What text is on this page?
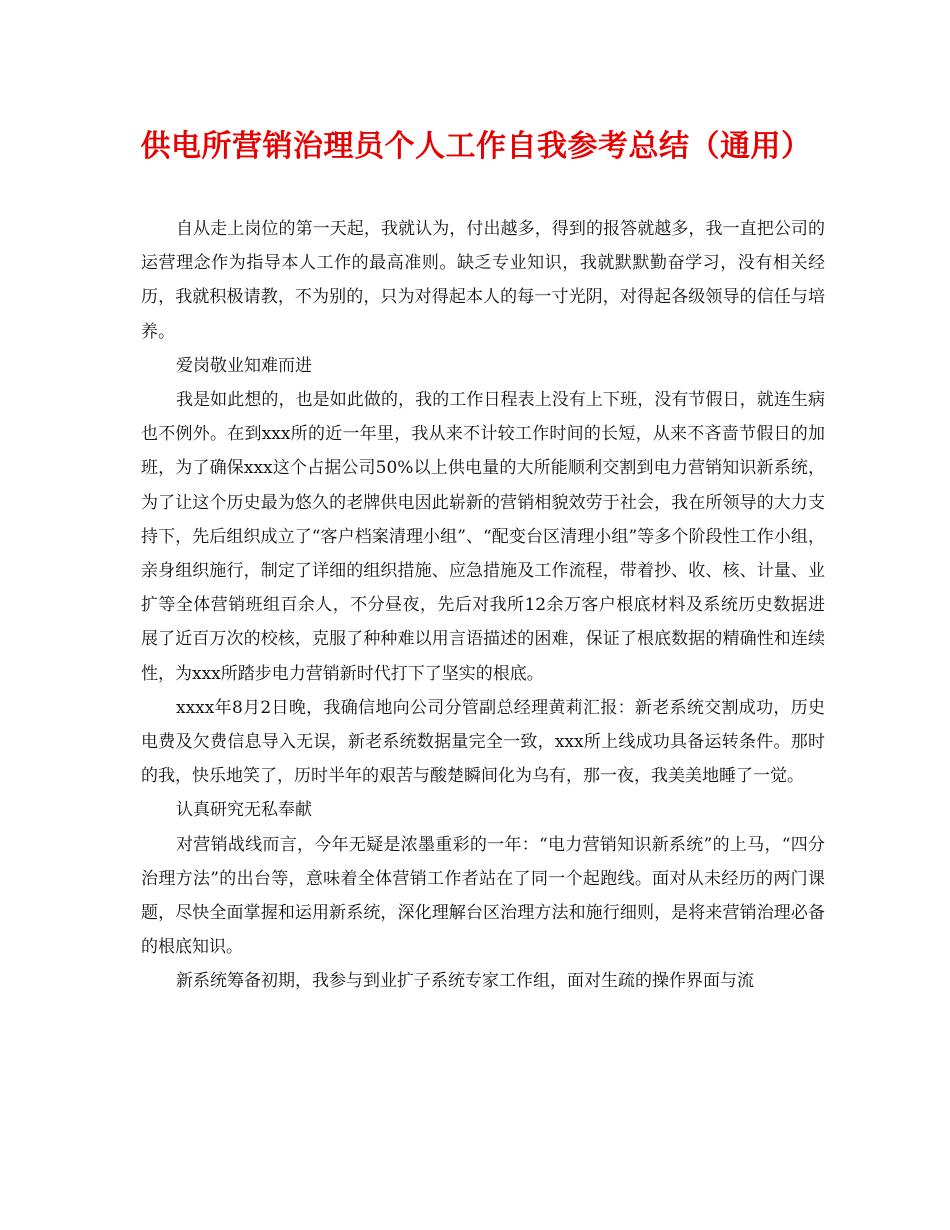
供电所营销治理员个人工作自我参考总结（通用）

自从走上岗位的第一天起，我就认为，付出越多，得到的报答就越多，我一直把公司的运营理念作为指导本人工作的最高准则。缺乏专业知识，我就默默勤奋学习，没有相关经历，我就积极请教，不为别的，只为对得起本人的每一寸光阴，对得起各级领导的信任与培养。

爱岗敬业知难而进

我是如此想的，也是如此做的，我的工作日程表上没有上下班，没有节假日，就连生病也不例外。在到xxx所的近一年里，我从来不计较工作时间的长短，从来不吝啬节假日的加班，为了确保xxx这个占据公司50%以上供电量的大所能顺利交割到电力营销知识新系统，为了让这个历史最为悠久的老牌供电因此崭新的营销相貌效劳于社会，我在所领导的大力支持下，先后组织成立了“客户档案清理小组”、“配变台区清理小组”等多个阶段性工作小组，亲身组织施行，制定了详细的组织措施、应急措施及工作流程，带着抄、收、核、计量、业扩等全体营销班组百余人，不分昼夜，先后对我所12余万客户根底材料及系统历史数据进展了近百万次的校核，克服了种种难以用言语描述的困难，保证了根底数据的精确性和连续性，为xxx所踏步电力营销新时代打下了坚实的根底。

xxxx年8月2日晚，我确信地向公司分管副总经理黄莉汇报：新老系统交割成功，历史电费及欠费信息导入无误，新老系统数据量完全一致，xxx所上线成功具备运转条件。那时的我，快乐地笑了，历时半年的艰苦与酸楚瞬间化为乌有，那一夜，我美美地睡了一觉。

认真研究无私奉献

对营销战线而言，今年无疑是浓墨重彩的一年：“电力营销知识新系统”的上马，“四分治理方法”的出台等，意味着全体营销工作者站在了同一个起跑线。面对从未经历的两门课题，尽快全面掌握和运用新系统，深化理解台区治理方法和施行细则，是将来营销治理必备的根底知识。

新系统筹备初期，我参与到业扩子系统专家工作组，面对生疏的操作界面与流
